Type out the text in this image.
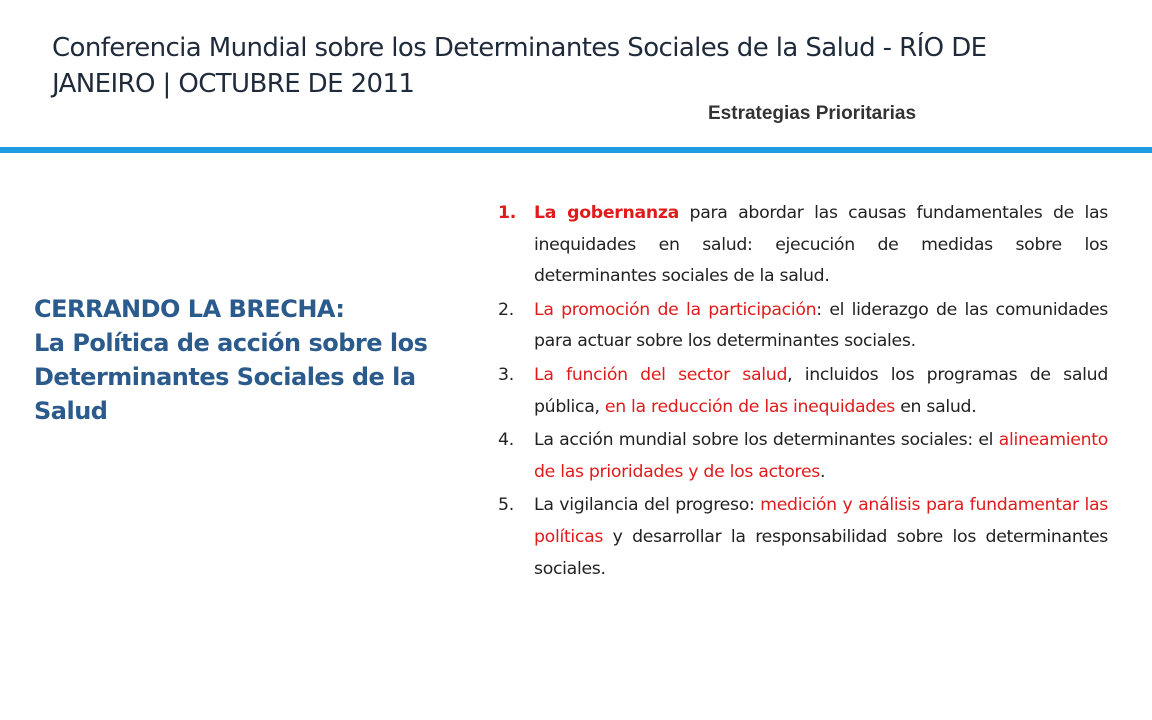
Conferencia Mundial sobre los Determinantes Sociales de la Salud - RÍO DE JANEIRO | OCTUBRE DE 2011
Estrategias Prioritarias
CERRANDO LA BRECHA:
La Política de acción sobre los Determinantes Sociales de la Salud
1. La gobernanza para abordar las causas fundamentales de las inequidades en salud: ejecución de medidas sobre los determinantes sociales de la salud.
2. La promoción de la participación: el liderazgo de las comunidades para actuar sobre los determinantes sociales.
3. La función del sector salud, incluidos los programas de salud pública, en la reducción de las inequidades en salud.
4. La acción mundial sobre los determinantes sociales: el alineamiento de las prioridades y de los actores.
5. La vigilancia del progreso: medición y análisis para fundamentar las políticas y desarrollar la responsabilidad sobre los determinantes sociales.
